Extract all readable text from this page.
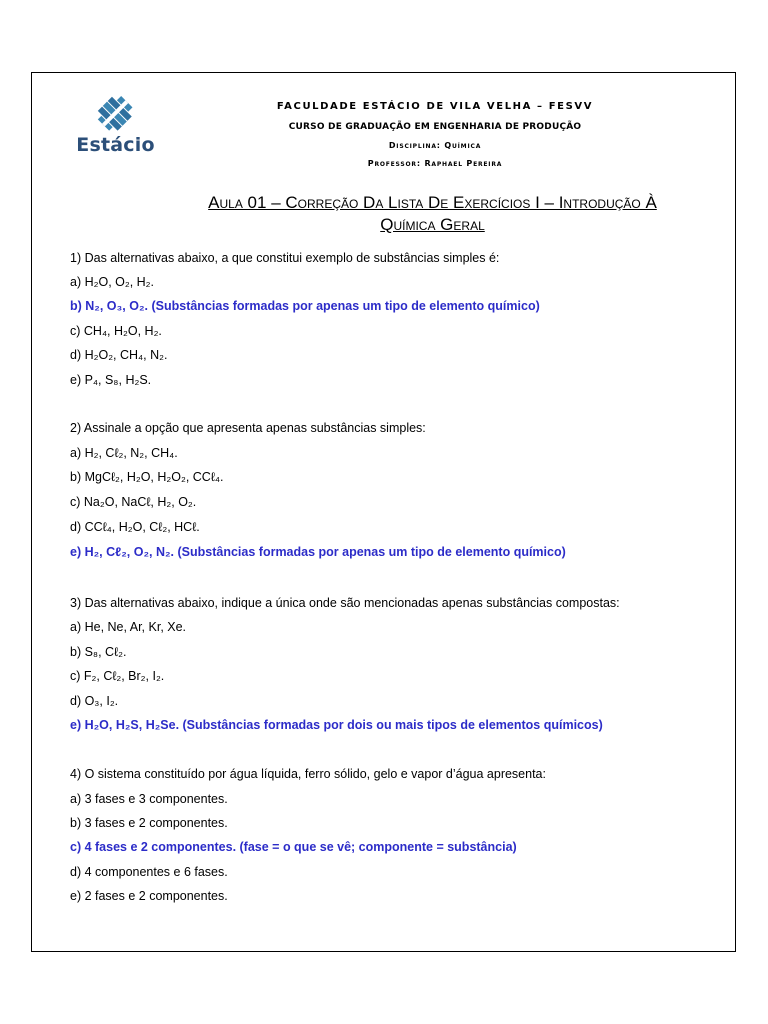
Estácio
FACULDADE ESTÁCIO DE VILA VELHA – FESVV
CURSO DE GRADUAÇÃO EM ENGENHARIA DE PRODUÇÃO
Disciplina: Química
Professor: Raphael Pereira
Aula 01 – Correção Da Lista De Exercícios I – Introdução À
Química Geral
1) Das alternativas abaixo, a que constitui exemplo de substâncias simples é:
a) H₂O, O₂, H₂.
b) N₂, O₃, O₂. (Substâncias formadas por apenas um tipo de elemento químico)
c) CH₄, H₂O, H₂.
d) H₂O₂, CH₄, N₂.
e) P₄, S₈, H₂S.
2) Assinale a opção que apresenta apenas substâncias simples:
a) H₂, Cℓ₂, N₂, CH₄.
b) MgCℓ₂, H₂O, H₂O₂, CCℓ₄.
c) Na₂O, NaCℓ, H₂, O₂.
d) CCℓ₄, H₂O, Cℓ₂, HCℓ.
e) H₂, Cℓ₂, O₂, N₂. (Substâncias formadas por apenas um tipo de elemento químico)
3) Das alternativas abaixo, indique a única onde são mencionadas apenas substâncias compostas:
a) He, Ne, Ar, Kr, Xe.
b) S₈, Cℓ₂.
c) F₂, Cℓ₂, Br₂, I₂.
d) O₃, I₂.
e) H₂O, H₂S, H₂Se. (Substâncias formadas por dois ou mais tipos de elementos químicos)
4) O sistema constituído por água líquida, ferro sólido, gelo e vapor d’água apresenta:
a) 3 fases e 3 componentes.
b) 3 fases e 2 componentes.
c) 4 fases e 2 componentes. (fase = o que se vê; componente = substância)
d) 4 componentes e 6 fases.
e) 2 fases e 2 componentes.
